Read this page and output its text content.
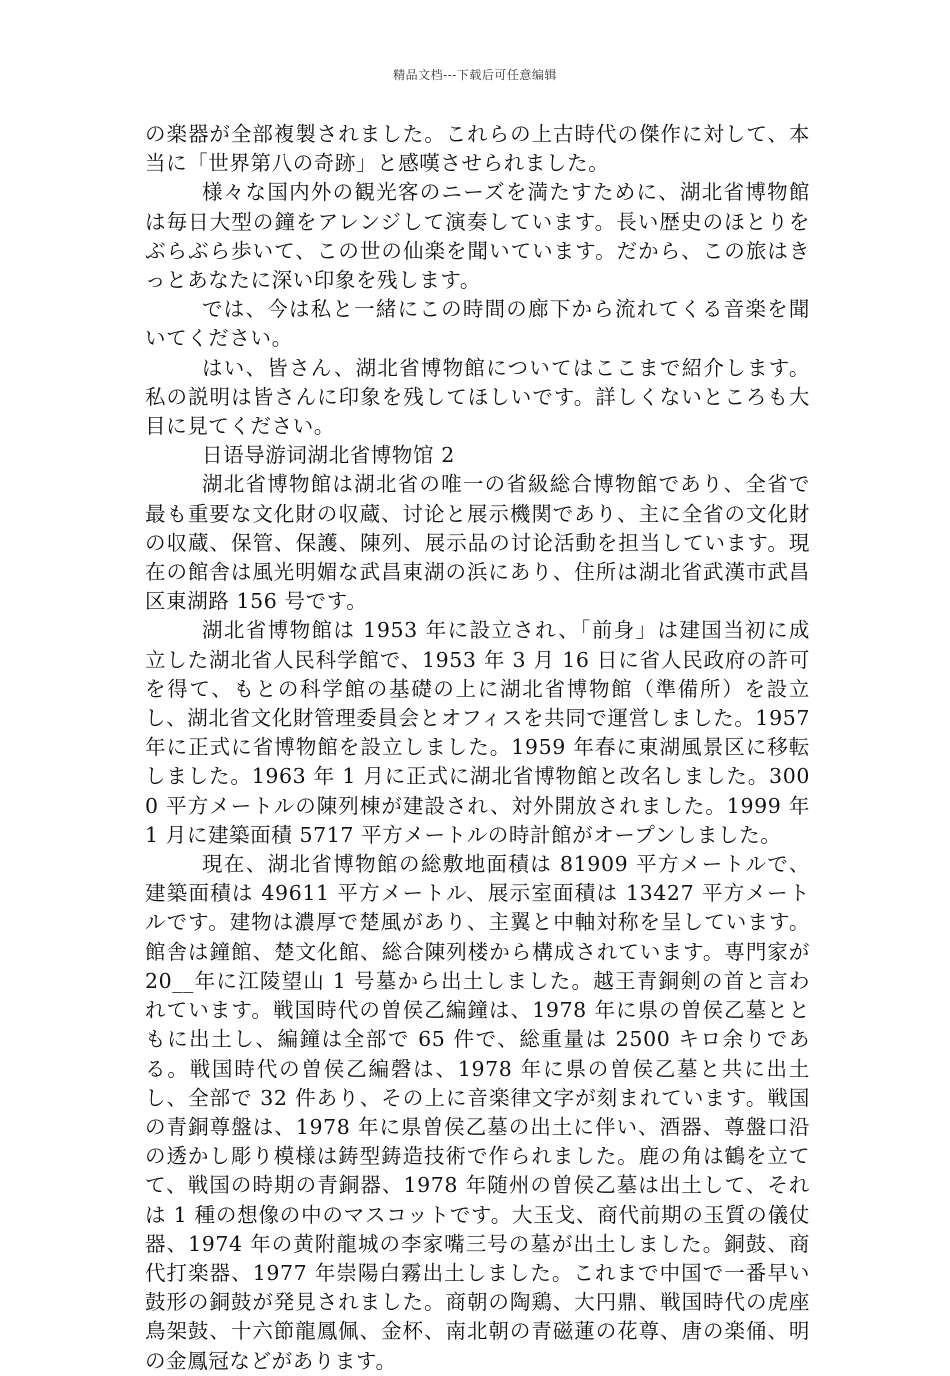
精品文档---下载后可任意编辑

の楽器が全部複製されました。これらの上古時代の傑作に対して、本当に「世界第八の奇跡」と感嘆させられました。

様々な国内外の観光客のニーズを満たすために、湖北省博物館は毎日大型の鐘をアレンジして演奏しています。長い歴史のほとりをぶらぶら歩いて、この世の仙楽を聞いています。だから、この旅はきっとあなたに深い印象を残します。

では、今は私と一緒にこの時間の廊下から流れてくる音楽を聞いてください。

はい、皆さん、湖北省博物館についてはここまで紹介します。私の説明は皆さんに印象を残してほしいです。詳しくないところも大目に見てください。

日语导游词湖北省博物馆 2

湖北省博物館は湖北省の唯一の省級総合博物館であり、全省で最も重要な文化財の収蔵、讨论と展示機関であり、主に全省の文化財の収蔵、保管、保護、陳列、展示品の讨论活動を担当しています。現在の館舎は風光明媚な武昌東湖の浜にあり、住所は湖北省武漢市武昌区東湖路 156 号です。

湖北省博物館は 1953 年に設立され、「前身」は建国当初に成立した湖北省人民科学館で、1953 年 3 月 16 日に省人民政府の許可を得て、もとの科学館の基礎の上に湖北省博物館（準備所）を設立し、湖北省文化財管理委員会とオフィスを共同で運営しました。1957 年に正式に省博物館を設立しました。1959 年春に東湖風景区に移転しました。1963 年 1 月に正式に湖北省博物館と改名しました。3000 平方メートルの陳列棟が建設され、対外開放されました。1999 年 1 月に建築面積 5717 平方メートルの時計館がオープンしました。

現在、湖北省博物館の総敷地面積は 81909 平方メートルで、建築面積は 49611 平方メートル、展示室面積は 13427 平方メートルです。建物は濃厚で楚風があり、主翼と中軸対称を呈しています。館舎は鐘館、楚文化館、総合陳列楼から構成されています。専門家が 20__年に江陵望山 1 号墓から出土しました。越王青銅剣の首と言われています。戦国時代の曽侯乙編鐘は、1978 年に県の曽侯乙墓とともに出土し、編鐘は全部で 65 件で、総重量は 2500 キロ余りである。戦国時代の曽侯乙編磬は、1978 年に県の曽侯乙墓と共に出土し、全部で 32 件あり、その上に音楽律文字が刻まれています。戦国の青銅尊盤は、1978 年に県曽侯乙墓の出土に伴い、酒器、尊盤口沿の透かし彫り模様は鋳型鋳造技術で作られました。鹿の角は鶴を立てて、戦国の時期の青銅器、1978 年随州の曽侯乙墓は出土して、それは 1 種の想像の中のマスコットです。大玉戈、商代前期の玉質の儀仗器、1974 年の黄附龍城の李家嘴三号の墓が出土しました。銅鼓、商代打楽器、1977 年崇陽白霧出土しました。これまで中国で一番早い鼓形の銅鼓が発見されました。商朝の陶鶏、大円鼎、戦国時代の虎座鳥架鼓、十六節龍鳳佩、金杯、南北朝の青磁蓮の花尊、唐の楽俑、明の金鳳冠などがあります。
